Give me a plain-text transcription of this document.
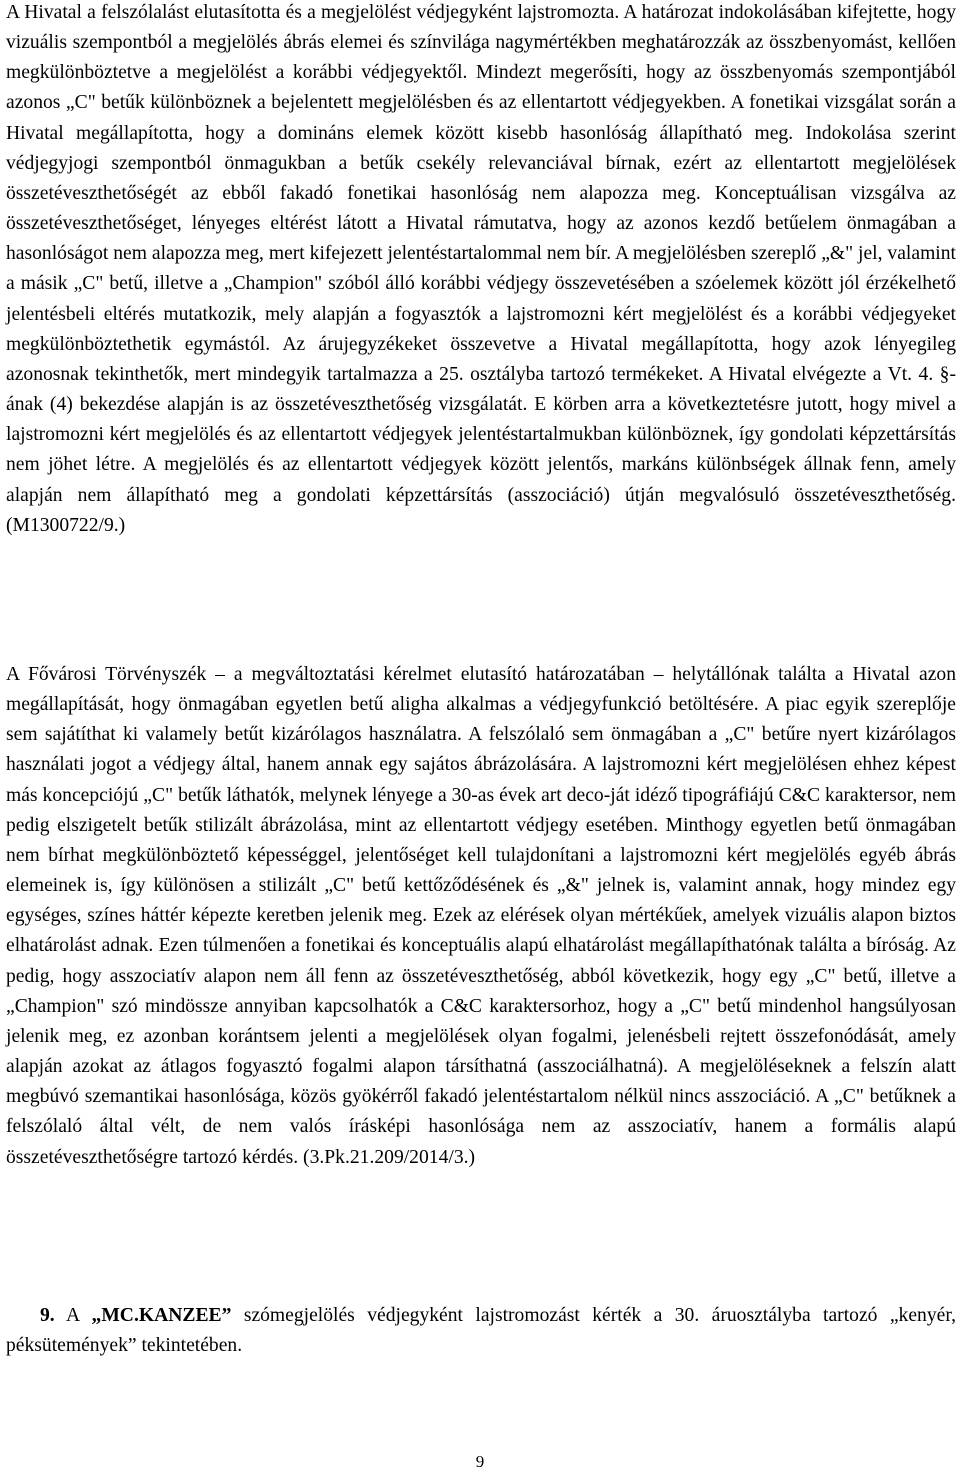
A Hivatal a felszólalást elutasította és a megjelölést védjegyként lajstromozta. A határozat indokolásában kifejtette, hogy vizuális szempontból a megjelölés ábrás elemei és színvilága nagymértékben meghatározzák az összbenyomást, kellően megkülönböztetve a megjelölést a korábbi védjegyektől. Mindezt megerősíti, hogy az összbenyomás szempontjából azonos „C" betűk különböznek a bejelentett megjelölésben és az ellentartott védjegyekben. A fonetikai vizsgálat során a Hivatal megállapította, hogy a domináns elemek között kisebb hasonlóság állapítható meg. Indokolása szerint védjegyjogi szempontból önmagukban a betűk csekély relevanciával bírnak, ezért az ellentartott megjelölések összetéveszthetőségét az ebből fakadó fonetikai hasonlóság nem alapozza meg. Konceptuálisan vizsgálva az összetéveszthetőséget, lényeges eltérést látott a Hivatal rámutatva, hogy az azonos kezdő betűelem önmagában a hasonlóságot nem alapozza meg, mert kifejezett jelentéstartalommal nem bír. A megjelölésben szereplő „&" jel, valamint a másik „C" betű, illetve a „Champion" szóból álló korábbi védjegy összevetésében a szóelemek között jól érzékelhető jelentésbeli eltérés mutatkozik, mely alapján a fogyasztók a lajstromozni kért megjelölést és a korábbi védjegyeket megkülönböztethetik egymástól. Az árujegyzékeket összevetve a Hivatal megállapította, hogy azok lényegileg azonosnak tekinthetők, mert mindegyik tartalmazza a 25. osztályba tartozó termékeket. A Hivatal elvégezte a Vt. 4. §-ának (4) bekezdése alapján is az összetéveszthetőség vizsgálatát. E körben arra a következtetésre jutott, hogy mivel a lajstromozni kért megjelölés és az ellentartott védjegyek jelentéstartalmukban különböznek, így gondolati képzettársítás nem jöhet létre. A megjelölés és az ellentartott védjegyek között jelentős, markáns különbségek állnak fenn, amely alapján nem állapítható meg a gondolati képzettársítás (asszociáció) útján megvalósuló összetéveszthetőség. (M1300722/9.)

A Fővárosi Törvényszék – a megváltoztatási kérelmet elutasító határozatában – helytállónak találta a Hivatal azon megállapítását, hogy önmagában egyetlen betű aligha alkalmas a védjegyfunkció betöltésére. A piac egyik szereplője sem sajátíthat ki valamely betűt kizárólagos használatra. A felszólaló sem önmagában a „C" betűre nyert kizárólagos használati jogot a védjegy által, hanem annak egy sajátos ábrázolására. A lajstromozni kért megjelölésen ehhez képest más koncepciójú „C" betűk láthatók, melynek lényege a 30-as évek art deco-ját idéző tipográfiájú C&C karaktersor, nem pedig elszigetelt betűk stilizált ábrázolása, mint az ellentartott védjegy esetében. Minthogy egyetlen betű önmagában nem bírhat megkülönböztető képességgel, jelentőséget kell tulajdonítani a lajstromozni kért megjelölés egyéb ábrás elemeinek is, így különösen a stilizált „C" betű kettőződésének és „&" jelnek is, valamint annak, hogy mindez egy egységes, színes háttér képezte keretben jelenik meg. Ezek az elérések olyan mértékűek, amelyek vizuális alapon biztos elhatárolást adnak. Ezen túlmenően a fonetikai és konceptuális alapú elhatárolást megállapíthatónak találta a bíróság. Az pedig, hogy asszociatív alapon nem áll fenn az összetéveszthetőség, abból következik, hogy egy „C" betű, illetve a „Champion" szó mindössze annyiban kapcsolhatók a C&C karaktersorhoz, hogy a „C" betű mindenhol hangsúlyosan jelenik meg, ez azonban korántsem jelenti a megjelölések olyan fogalmi, jelenésbeli rejtett összefonódását, amely alapján azokat az átlagos fogyasztó fogalmi alapon társíthatná (asszociálhatná). A megjelöléseknek a felszín alatt megbúvó szemantikai hasonlósága, közös gyökérről fakadó jelentéstartalom nélkül nincs asszociáció. A „C" betűknek a felszólaló által vélt, de nem valós írásképi hasonlósága nem az asszociatív, hanem a formális alapú összetéveszthetőségre tartozó kérdés. (3.Pk.21.209/2014/3.)

9. A „MC.KANZEE” szómegjelölés védjegyként lajstromozást kérték a 30. áruosztályba tartozó „kenyér, péksütemények” tekintetében.

9
